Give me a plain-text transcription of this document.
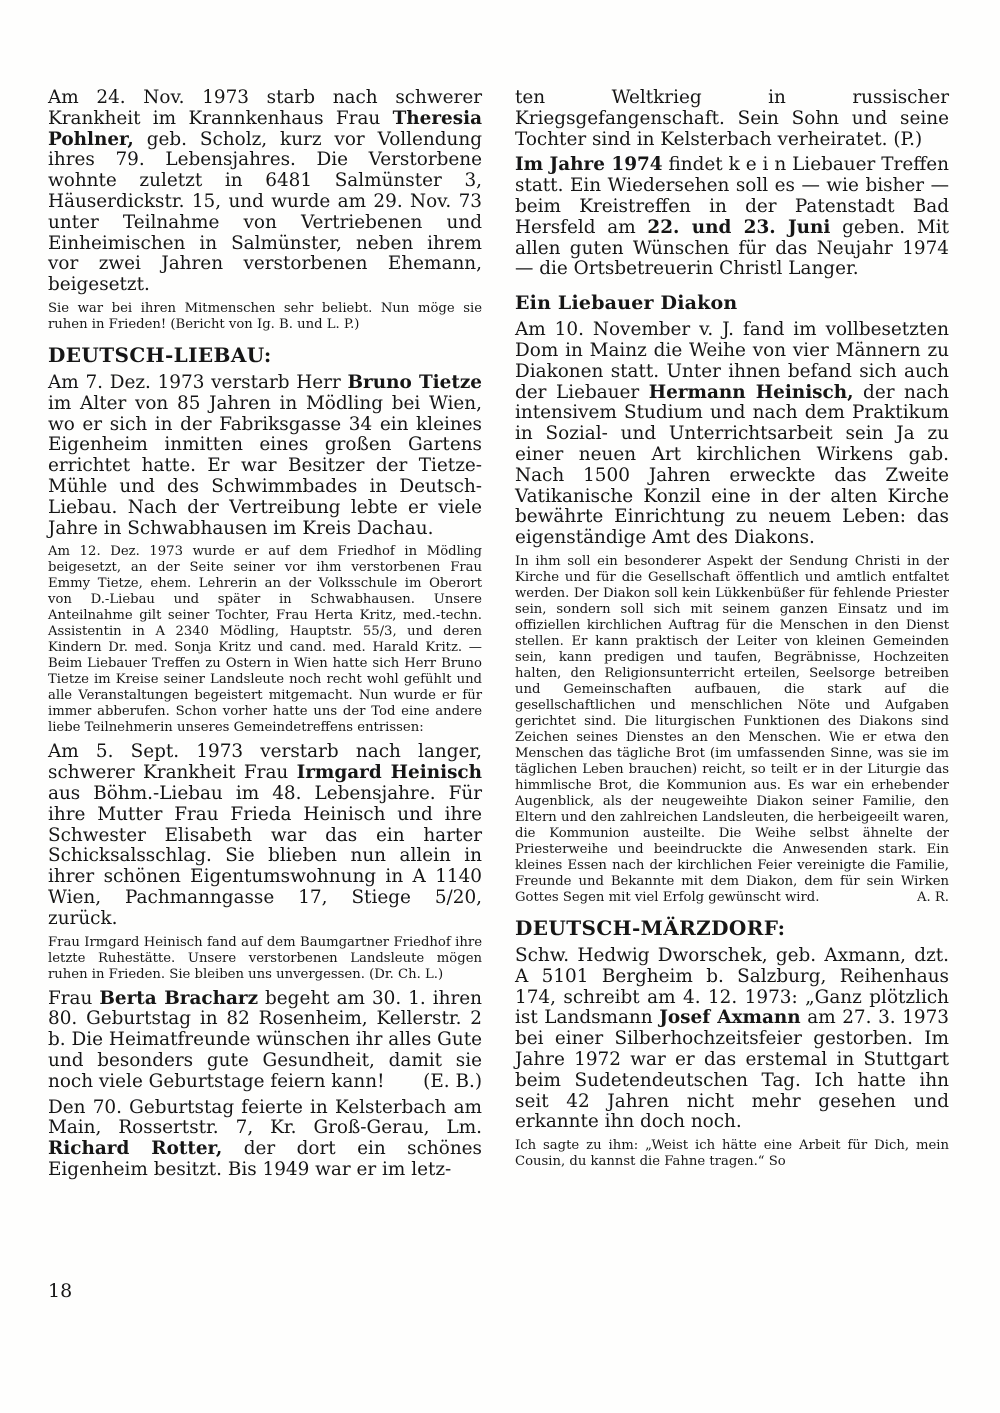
Am 24. Nov. 1973 starb nach schwerer Krankheit im Krannkenhaus Frau Theresia Pohlner, geb. Scholz, kurz vor Vollendung ihres 79. Lebensjahres. Die Verstorbene wohnte zuletzt in 6481 Salmünster 3, Häuserdickstr. 15, und wurde am 29. Nov. 73 unter Teilnahme von Vertriebenen und Einheimischen in Salmünster, neben ihrem vor zwei Jahren verstorbenen Ehemann, beigesetzt.

Sie war bei ihren Mitmenschen sehr beliebt. Nun möge sie ruhen in Frieden! (Bericht von Ig. B. und L. P.)

DEUTSCH-LIEBAU:

Am 7. Dez. 1973 verstarb Herr Bruno Tietze im Alter von 85 Jahren in Mödling bei Wien, wo er sich in der Fabriksgasse 34 ein kleines Eigenheim inmitten eines großen Gartens errichtet hatte. Er war Besitzer der Tietze-Mühle und des Schwimmbades in Deutsch-Liebau. Nach der Vertreibung lebte er viele Jahre in Schwabhausen im Kreis Dachau.

Am 12. Dez. 1973 wurde er auf dem Friedhof in Mödling beigesetzt, an der Seite seiner vor ihm verstorbenen Frau Emmy Tietze, ehem. Lehrerin an der Volksschule im Oberort von D.-Liebau und später in Schwabhausen. Unsere Anteilnahme gilt seiner Tochter, Frau Herta Kritz, med.-techn. Assistentin in A 2340 Mödling, Hauptstr. 55/3, und deren Kindern Dr. med. Sonja Kritz und cand. med. Harald Kritz. — Beim Liebauer Treffen zu Ostern in Wien hatte sich Herr Bruno Tietze im Kreise seiner Landsleute noch recht wohl gefühlt und alle Veranstaltungen begeistert mitgemacht. Nun wurde er für immer abberufen. Schon vorher hatte uns der Tod eine andere liebe Teilnehmerin unseres Gemeindetreffens entrissen:

Am 5. Sept. 1973 verstarb nach langer, schwerer Krankheit Frau Irmgard Heinisch aus Böhm.-Liebau im 48. Lebensjahre. Für ihre Mutter Frau Frieda Heinisch und ihre Schwester Elisabeth war das ein harter Schicksalsschlag. Sie blieben nun allein in ihrer schönen Eigentumswohnung in A 1140 Wien, Pachmanngasse 17, Stiege 5/20, zurück.

Frau Irmgard Heinisch fand auf dem Baumgartner Friedhof ihre letzte Ruhestätte. Unsere verstorbenen Landsleute mögen ruhen in Frieden. Sie bleiben uns unvergessen. (Dr. Ch. L.)

Frau Berta Bracharz begeht am 30. 1. ihren 80. Geburtstag in 82 Rosenheim, Kellerstr. 2 b. Die Heimatfreunde wünschen ihr alles Gute und besonders gute Gesundheit, damit sie noch viele Geburtstage feiern kann! (E. B.)

Den 70. Geburtstag feierte in Kelsterbach am Main, Rossertstr. 7, Kr. Groß-Gerau, Lm. Richard Rotter, der dort ein schönes Eigenheim besitzt. Bis 1949 war er im letz-

ten Weltkrieg in russischer Kriegsgefangenschaft. Sein Sohn und seine Tochter sind in Kelsterbach verheiratet. (P.)

Im Jahre 1974 findet k e i n Liebauer Treffen statt. Ein Wiedersehen soll es — wie bisher — beim Kreistreffen in der Patenstadt Bad Hersfeld am 22. und 23. Juni geben. Mit allen guten Wünschen für das Neujahr 1974 — die Ortsbetreuerin Christl Langer.

Ein Liebauer Diakon

Am 10. November v. J. fand im vollbesetzten Dom in Mainz die Weihe von vier Männern zu Diakonen statt. Unter ihnen befand sich auch der Liebauer Hermann Heinisch, der nach intensivem Studium und nach dem Praktikum in Sozial- und Unterrichtsarbeit sein Ja zu einer neuen Art kirchlichen Wirkens gab. Nach 1500 Jahren erweckte das Zweite Vatikanische Konzil eine in der alten Kirche bewährte Einrichtung zu neuem Leben: das eigenständige Amt des Diakons.

In ihm soll ein besonderer Aspekt der Sendung Christi in der Kirche und für die Gesellschaft öffentlich und amtlich entfaltet werden. Der Diakon soll kein Lükkenbüßer für fehlende Priester sein, sondern soll sich mit seinem ganzen Einsatz und im offiziellen kirchlichen Auftrag für die Menschen in den Dienst stellen. Er kann praktisch der Leiter von kleinen Gemeinden sein, kann predigen und taufen, Begräbnisse, Hochzeiten halten, den Religionsunterricht erteilen, Seelsorge betreiben und Gemeinschaften aufbauen, die stark auf die gesellschaftlichen und menschlichen Nöte und Aufgaben gerichtet sind. Die liturgischen Funktionen des Diakons sind Zeichen seines Dienstes an den Menschen. Wie er etwa den Menschen das tägliche Brot (im umfassenden Sinne, was sie im täglichen Leben brauchen) reicht, so teilt er in der Liturgie das himmlische Brot, die Kommunion aus. Es war ein erhebender Augenblick, als der neugeweihte Diakon seiner Familie, den Eltern und den zahlreichen Landsleuten, die herbeigeeilt waren, die Kommunion austeilte. Die Weihe selbst ähnelte der Priesterweihe und beeindruckte die Anwesenden stark. Ein kleines Essen nach der kirchlichen Feier vereinigte die Familie, Freunde und Bekannte mit dem Diakon, dem für sein Wirken Gottes Segen mit viel Erfolg gewünscht wird.	A. R.

DEUTSCH-MÄRZDORF:

Schw. Hedwig Dworschek, geb. Axmann, dzt. A 5101 Bergheim b. Salzburg, Reihenhaus 174, schreibt am 4. 12. 1973: „Ganz plötzlich ist Landsmann Josef Axmann am 27. 3. 1973 bei einer Silberhochzeitsfeier gestorben. Im Jahre 1972 war er das erstemal in Stuttgart beim Sudetendeutschen Tag. Ich hatte ihn seit 42 Jahren nicht mehr gesehen und erkannte ihn doch noch.

Ich sagte zu ihm: „Weist ich hätte eine Arbeit für Dich, mein Cousin, du kannst die Fahne tragen.“ So

18
